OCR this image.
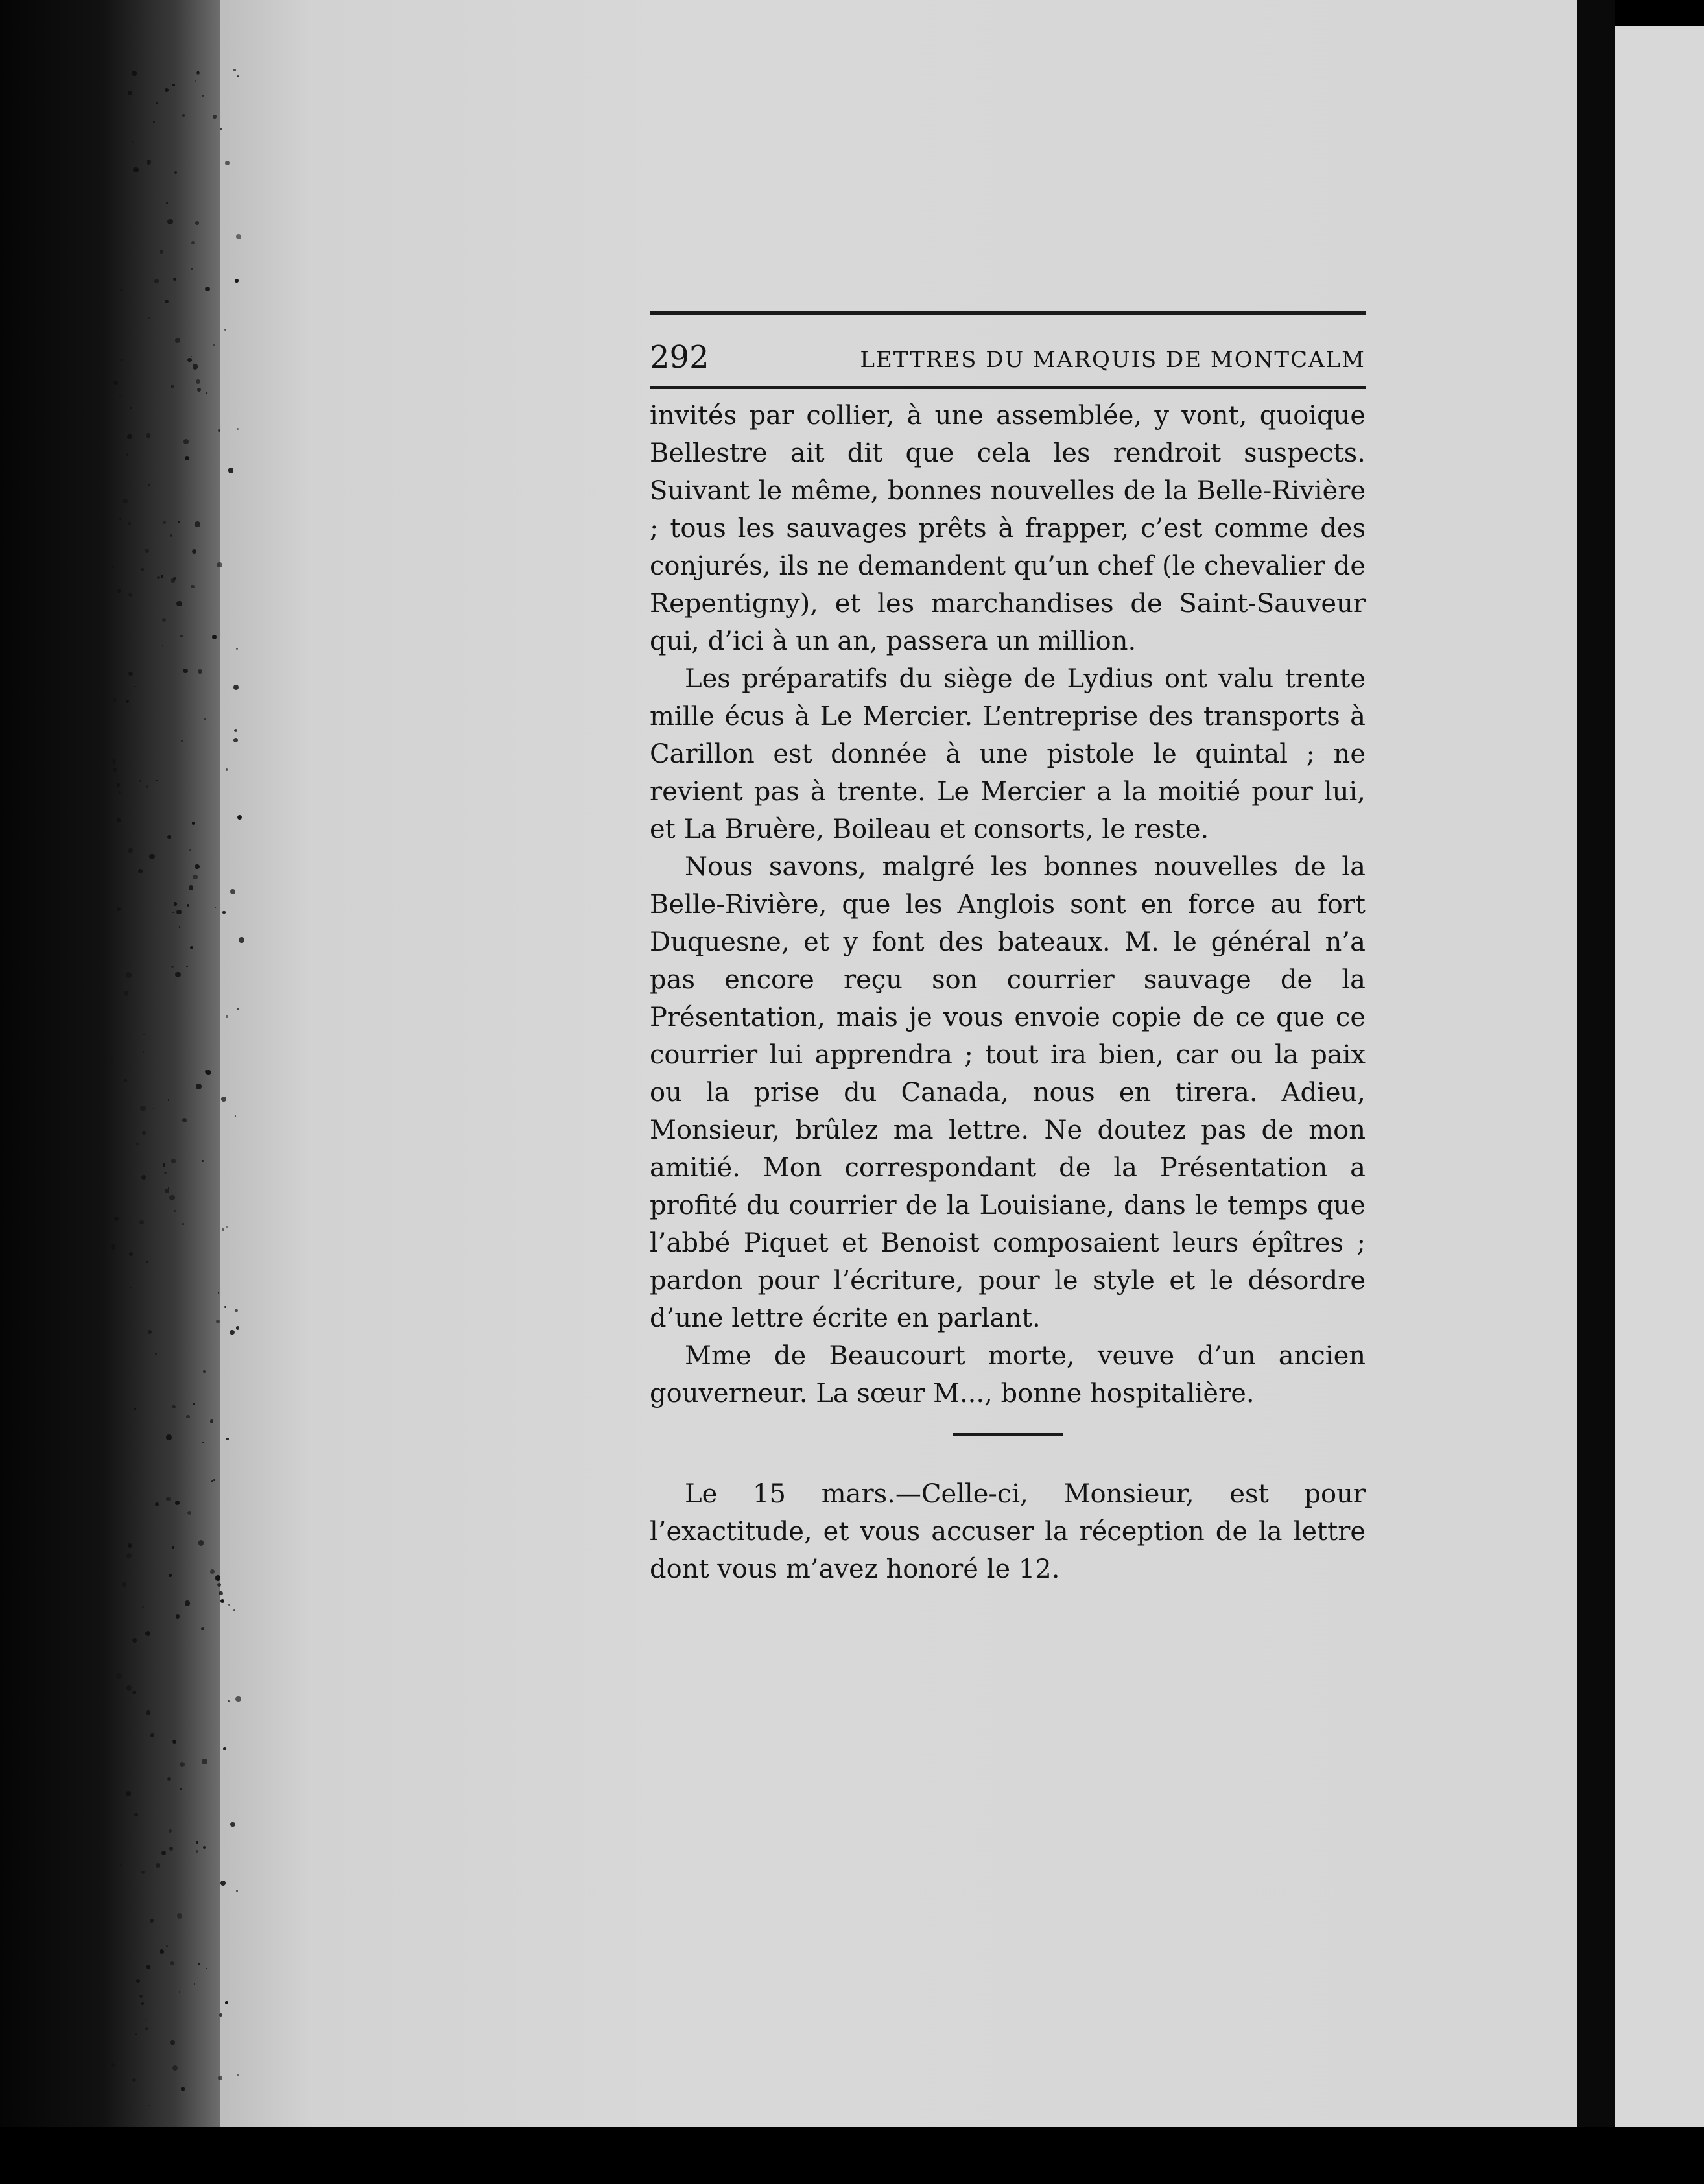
292	LETTRES DU MARQUIS DE MONTCALM

invités par collier, à une assemblée, y vont, quoique Bellestre ait dit que cela les rendroit suspects. Suivant le même, bonnes nouvelles de la Belle-Rivière ; tous les sauvages prêts à frapper, c’est comme des conjurés, ils ne demandent qu’un chef (le chevalier de Repentigny), et les marchandises de Saint-Sauveur qui, d’ici à un an, passera un million.

Les préparatifs du siège de Lydius ont valu trente mille écus à Le Mercier. L’entreprise des transports à Carillon est donnée à une pistole le quintal ; ne revient pas à trente. Le Mercier a la moitié pour lui, et La Bruère, Boileau et consorts, le reste.

Nous savons, malgré les bonnes nouvelles de la Belle-Rivière, que les Anglois sont en force au fort Duquesne, et y font des bateaux. M. le général n’a pas encore reçu son courrier sauvage de la Présentation, mais je vous envoie copie de ce que ce courrier lui apprendra ; tout ira bien, car ou la paix ou la prise du Canada, nous en tirera. Adieu, Monsieur, brûlez ma lettre. Ne doutez pas de mon amitié. Mon correspondant de la Présentation a profité du courrier de la Louisiane, dans le temps que l’abbé Piquet et Benoist composaient leurs épîtres ; pardon pour l’écriture, pour le style et le désordre d’une lettre écrite en parlant.

Mme de Beaucourt morte, veuve d’un ancien gouverneur. La sœur M..., bonne hospitalière.

Le 15 mars.—Celle-ci, Monsieur, est pour l’exactitude, et vous accuser la réception de la lettre dont vous m’avez honoré le 12.
